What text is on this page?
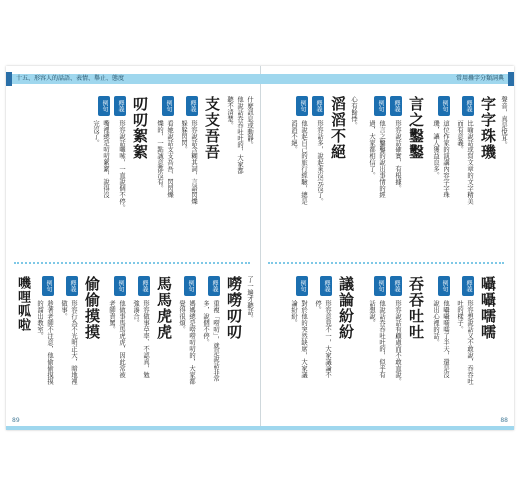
十五、形容人的話語、表情、舉止、態度
什麼訊息或動靜。
他說話吞吞吐吐的，大家都
聽不清楚。
支支吾吾
釋義
形容說話含糊其詞，言語閃爍
躲躲閃閃。
例句
看她說話支支吾吾、閃閃爍
爍的，一點誠意都沒有。
叨叨絮絮
釋義
形容說話囉嗦，一直說個不停。
例句
嘴裡總是叨叨絮絮，說得沒
完沒了。
了一遍才聽話。
嘮嘮叨叨
釋義
重複「嘮叨」，就是說話非常
多，說個不停。
例句
媽媽總是嘮嘮叨叨的，大家都
覺得很煩。
馬馬虎虎
釋義
形容做事草率、不認真，勉
強湊合。
例句
他做事馬馬虎虎，因此常被
老師責罵。
偷偷摸摸
釋義
形容行為不光明正大，暗地裡
做事。
例句
趁著老師不注意，他偷偷摸摸
的溜出教室。
嘰哩呱啦
89
常用疊字分類詞典
聲音，真是悅耳。
字字珠璣
釋義
比喻說話或寫文章的文字精美
而有意義。
例句
這位作家的演講內容字字珠
璣，讓人獲益良多。
言之鑿鑿
釋義
形容說話確實，有根據。
例句
他言之鑿鑿的說出事情的經
過，大家都相信了。
心有餘悸。
滔滔不絕
釋義
形容話多，說起來沒完沒了。
例句
他說起自己的旅行經驗，總是
滔滔不絕。
囁囁嚅嚅
釋義
形容想說話又不敢說，吞吞吐
吐的樣子。
例句
他囁囁嚅嚅了半天，還是沒
說出心裡的話。
吞吞吐吐
釋義
形容說話有顧慮而不敢直說。
例句
他說話吞吞吐吐的，似乎有
話想說。
議論紛紛
釋義
形容意見不一，大家議論不
停。
例句
對於他的突然缺席，大家議
論紛紛。
88
